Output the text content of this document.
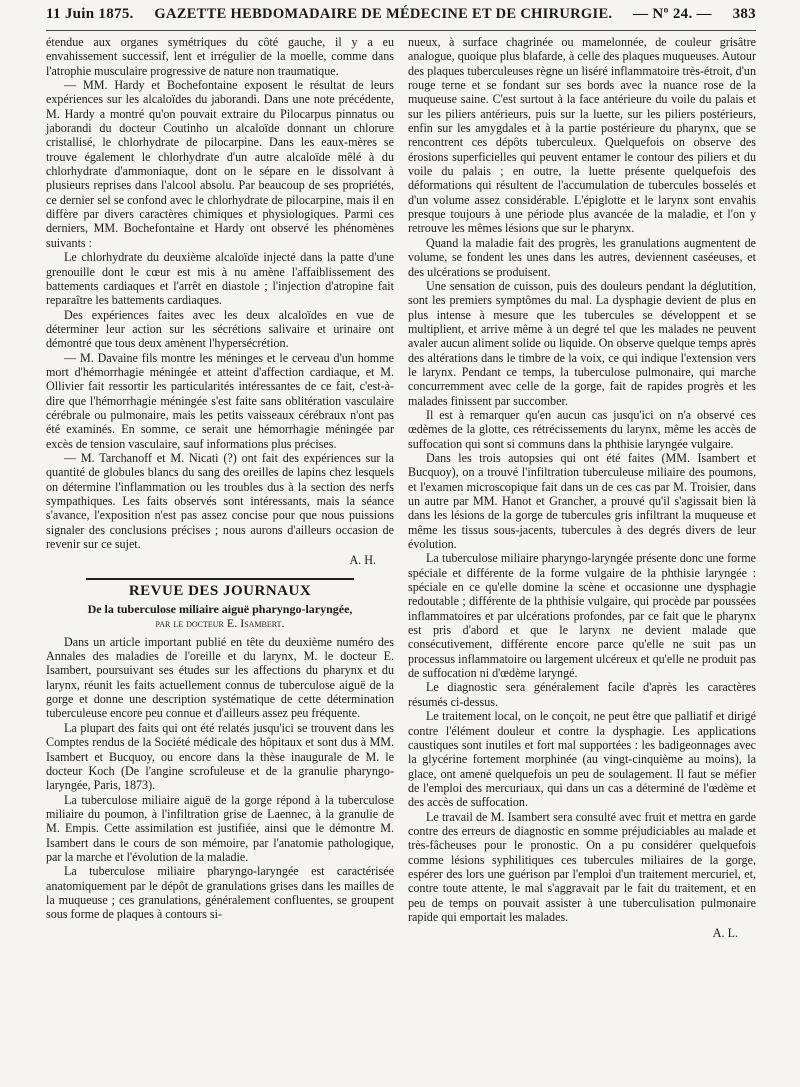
11 Juin 1875. GAZETTE HEBDOMADAIRE DE MÉDECINE ET DE CHIRURGIE. — Nº 24. — 383

étendue aux organes symétriques du côté gauche, il y a eu envahissement successif, lent et irrégulier de la moelle, comme dans l'atrophie musculaire progressive de nature non traumatique.

— MM. Hardy et Bochefontaine exposent le résultat de leurs expériences sur les alcaloïdes du jaborandi. Dans une note précédente, M. Hardy a montré qu'on pouvait extraire du Pilocarpus pinnatus ou jaborandi du docteur Coutinho un alcaloïde donnant un chlorure cristallisé, le chlorhydrate de pilocarpine. Dans les eaux-mères se trouve également le chlorhydrate d'un autre alcaloïde mêlé à du chlorhydrate d'ammoniaque, dont on le sépare en le dissolvant à plusieurs reprises dans l'alcool absolu. Par beaucoup de ses propriétés, ce dernier sel se confond avec le chlorhydrate de pilocarpine, mais il en diffère par divers caractères chimiques et physiologiques. Parmi ces derniers, MM. Bochefontaine et Hardy ont observé les phénomènes suivants :

Le chlorhydrate du deuxième alcaloïde injecté dans la patte d'une grenouille dont le cœur est mis à nu amène l'affaiblissement des battements cardiaques et l'arrêt en diastole ; l'injection d'atropine fait reparaître les battements cardiaques.

Des expériences faites avec les deux alcaloïdes en vue de déterminer leur action sur les sécrétions salivaire et urinaire ont démontré que tous deux amènent l'hypersécrétion.

— M. Davaine fils montre les méninges et le cerveau d'un homme mort d'hémorrhagie méningée et atteint d'affection cardiaque, et M. Ollivier fait ressortir les particularités intéressantes de ce fait, c'est-à-dire que l'hémorrhagie méningée s'est faite sans oblitération vasculaire cérébrale ou pulmonaire, mais les petits vaisseaux cérébraux n'ont pas été examinés. En somme, ce serait une hémorrhagie méningée par excès de tension vasculaire, sauf informations plus précises.

— M. Tarchanoff et M. Nicati (?) ont fait des expériences sur la quantité de globules blancs du sang des oreilles de lapins chez lesquels on détermine l'inflammation ou les troubles dus à la section des nerfs sympathiques. Les faits observés sont intéressants, mais la séance s'avance, l'exposition n'est pas assez concise pour que nous puissions signaler des conclusions précises ; nous aurons d'ailleurs occasion de revenir sur ce sujet.

A. H.
REVUE DES JOURNAUX
De la tuberculose miliaire aiguë pharyngo-laryngée,
par le docteur E. Isambert.

Dans un article important publié en tête du deuxième numéro des Annales des maladies de l'oreille et du larynx, M. le docteur E. Isambert, poursuivant ses études sur les affections du pharynx et du larynx, réunit les faits actuellement connus de tuberculose aiguë de la gorge et donne une description systématique de cette détermination tuberculeuse encore peu connue et d'ailleurs assez peu fréquente.

La plupart des faits qui ont été relatés jusqu'ici se trouvent dans les Comptes rendus de la Société médicale des hôpitaux et sont dus à MM. Isambert et Bucquoy, ou encore dans la thèse inaugurale de M. le docteur Koch (De l'angine scrofuleuse et de la granulie pharyngo-laryngée, Paris, 1873).

La tuberculose miliaire aiguë de la gorge répond à la tuberculose miliaire du poumon, à l'infiltration grise de Laennec, à la granulie de M. Empis. Cette assimilation est justifiée, ainsi que le démontre M. Isambert dans le cours de son mémoire, par l'anatomie pathologique, par la marche et l'évolution de la maladie.

La tuberculose miliaire pharyngo-laryngée est caractérisée anatomiquement par le dépôt de granulations grises dans les mailles de la muqueuse ; ces granulations, généralement confluentes, se groupent sous forme de plaques à contours si-

nueux, à surface chagrinée ou mamelonnée, de couleur grisâtre analogue, quoique plus blafarde, à celle des plaques muqueuses. Autour des plaques tuberculeuses règne un liséré inflammatoire très-étroit, d'un rouge terne et se fondant sur ses bords avec la nuance rose de la muqueuse saine. C'est surtout à la face antérieure du voile du palais et sur les piliers antérieurs, puis sur la luette, sur les piliers postérieurs, enfin sur les amygdales et à la partie postérieure du pharynx, que se rencontrent ces dépôts tuberculeux. Quelquefois on observe des érosions superficielles qui peuvent entamer le contour des piliers et du voile du palais ; en outre, la luette présente quelquefois des déformations qui résultent de l'accumulation de tubercules bosselés et d'un volume assez considérable. L'épiglotte et le larynx sont envahis presque toujours à une période plus avancée de la maladie, et l'on y retrouve les mêmes lésions que sur le pharynx.

Quand la maladie fait des progrès, les granulations augmentent de volume, se fondent les unes dans les autres, deviennent caséeuses, et des ulcérations se produisent.

Une sensation de cuisson, puis des douleurs pendant la déglutition, sont les premiers symptômes du mal. La dysphagie devient de plus en plus intense à mesure que les tubercules se développent et se multiplient, et arrive même à un degré tel que les malades ne peuvent avaler aucun aliment solide ou liquide. On observe quelque temps après des altérations dans le timbre de la voix, ce qui indique l'extension vers le larynx. Pendant ce temps, la tuberculose pulmonaire, qui marche concurremment avec celle de la gorge, fait de rapides progrès et les malades finissent par succomber.

Il est à remarquer qu'en aucun cas jusqu'ici on n'a observé ces œdèmes de la glotte, ces rétrécissements du larynx, même les accès de suffocation qui sont si communs dans la phthisie laryngée vulgaire.

Dans les trois autopsies qui ont été faites (MM. Isambert et Bucquoy), on a trouvé l'infiltration tuberculeuse miliaire des poumons, et l'examen microscopique fait dans un de ces cas par M. Troisier, dans un autre par MM. Hanot et Grancher, a prouvé qu'il s'agissait bien là dans les lésions de la gorge de tubercules gris infiltrant la muqueuse et même les tissus sous-jacents, tubercules à des degrés divers de leur évolution.

La tuberculose miliaire pharyngo-laryngée présente donc une forme spéciale et différente de la forme vulgaire de la phthisie laryngée : spéciale en ce qu'elle domine la scène et occasionne une dysphagie redoutable ; différente de la phthisie vulgaire, qui procède par poussées inflammatoires et par ulcérations profondes, par ce fait que le pharynx est pris d'abord et que le larynx ne devient malade que consécutivement, différente encore parce qu'elle ne suit pas un processus inflammatoire ou largement ulcéreux et qu'elle ne produit pas de suffocation ni d'œdème laryngé.

Le diagnostic sera généralement facile d'après les caractères résumés ci-dessus.

Le traitement local, on le conçoit, ne peut être que palliatif et dirigé contre l'élément douleur et contre la dysphagie. Les applications caustiques sont inutiles et fort mal supportées : les badigeonnages avec la glycérine fortement morphinée (au vingt-cinquième au moins), la glace, ont amené quelquefois un peu de soulagement. Il faut se méfier de l'emploi des mercuriaux, qui dans un cas a déterminé de l'œdème et des accès de suffocation.

Le travail de M. Isambert sera consulté avec fruit et mettra en garde contre des erreurs de diagnostic en somme préjudiciables au malade et très-fâcheuses pour le pronostic. On a pu considérer quelquefois comme lésions syphilitiques ces tubercules miliaires de la gorge, espérer des lors une guérison par l'emploi d'un traitement mercuriel, et, contre toute attente, le mal s'aggravait par le fait du traitement, et en peu de temps on pouvait assister à une tuberculisation pulmonaire rapide qui emportait les malades.

A. L.
